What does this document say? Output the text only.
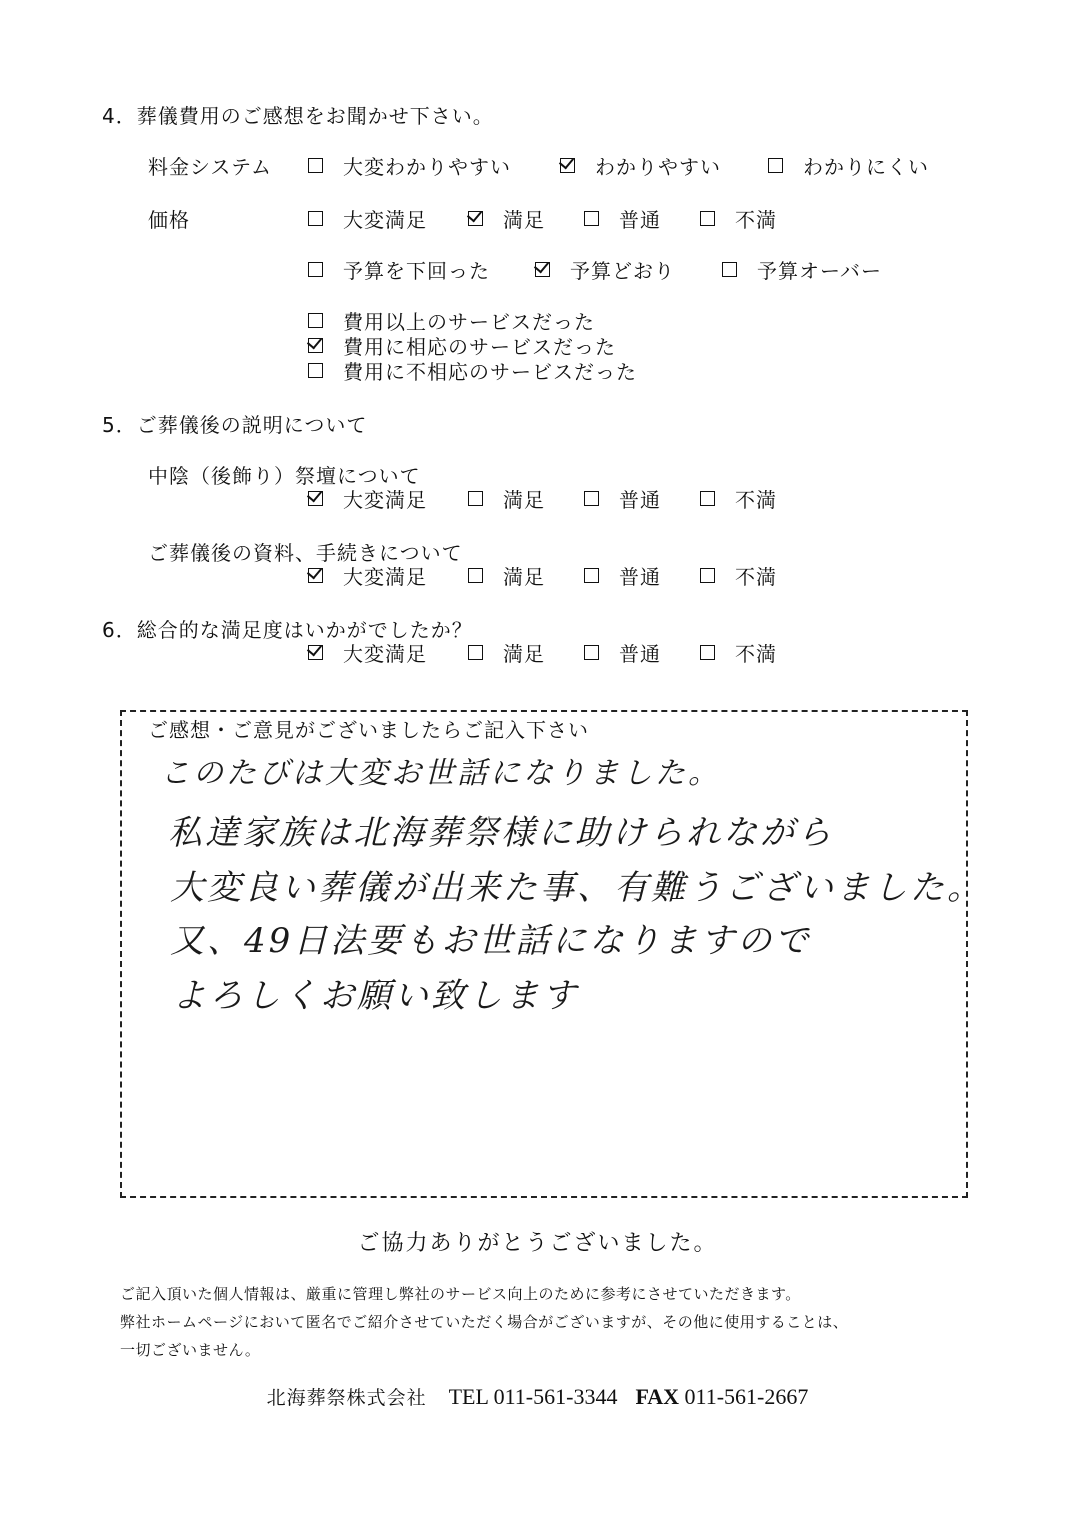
4．葬儀費用のご感想をお聞かせ下さい。
料金システム	大変わかりやすい	わかりやすい	わかりにくい
価格	大変満足	満足	普通	不満
予算を下回った	予算どおり	予算オーバー
費用以上のサービスだった
費用に相応のサービスだった
費用に不相応のサービスだった
5．ご葬儀後の説明について
中陰（後飾り）祭壇について
大変満足	満足	普通	不満
ご葬儀後の資料、手続きについて
大変満足	満足	普通	不満
6．総合的な満足度はいかがでしたか？
大変満足	満足	普通	不満
ご感想・ご意見がございましたらご記入下さい
このたびは大変お世話になりました。
私達家族は北海葬祭様に助けられながら
大変良い葬儀が出来た事、有難うございました。
又、49日法要もお世話になりますので
よろしくお願い致します
ご協力ありがとうございました。
ご記入頂いた個人情報は、厳重に管理し弊社のサービス向上のために参考にさせていただきます。
弊社ホームページにおいて匿名でご紹介させていただく場合がございますが、その他に使用することは、
一切ございません。
北海葬祭株式会社 TEL 011-561-3344 FAX 011-561-2667
